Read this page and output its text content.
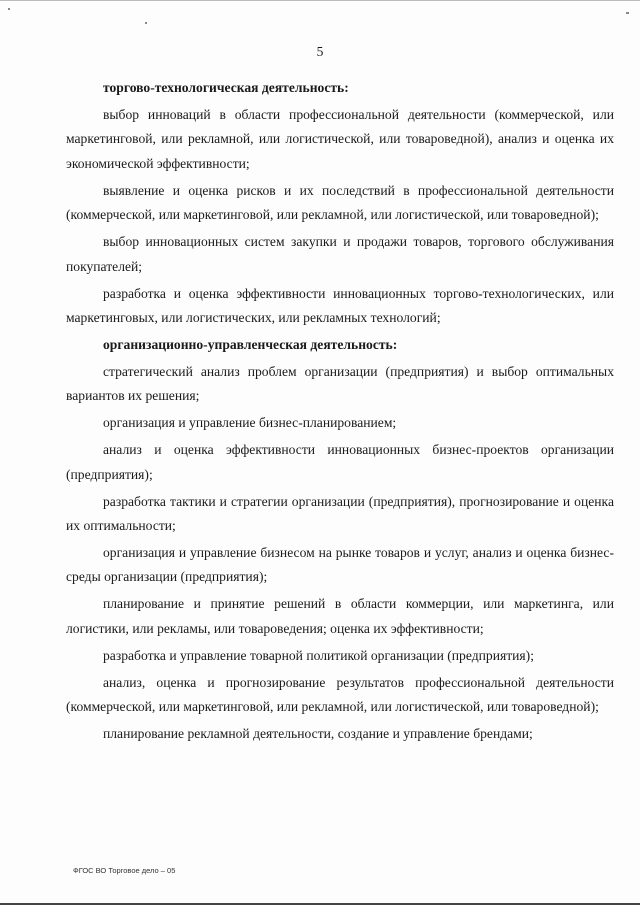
5

торгово-технологическая деятельность:

выбор инноваций в области профессиональной деятельности (коммерческой, или маркетинговой, или рекламной, или логистической, или товароведной), анализ и оценка их экономической эффективности;

выявление и оценка рисков и их последствий в профессиональной деятельности (коммерческой, или маркетинговой, или рекламной, или логистической, или товароведной);

выбор инновационных систем закупки и продажи товаров, торгового обслуживания покупателей;

разработка и оценка эффективности инновационных торгово-технологических, или маркетинговых, или логистических, или рекламных технологий;

организационно-управленческая деятельность:

стратегический анализ проблем организации (предприятия) и выбор оптимальных вариантов их решения;

организация и управление бизнес-планированием;

анализ и оценка эффективности инновационных бизнес-проектов организации (предприятия);

разработка тактики и стратегии организации (предприятия), прогнозирование и оценка их оптимальности;

организация и управление бизнесом на рынке товаров и услуг, анализ и оценка бизнес-среды организации (предприятия);

планирование и принятие решений в области коммерции, или маркетинга, или логистики, или рекламы, или товароведения; оценка их эффективности;

разработка и управление товарной политикой организации (предприятия);

анализ, оценка и прогнозирование результатов профессиональной деятельности (коммерческой, или маркетинговой, или рекламной, или логистической, или товароведной);

планирование рекламной деятельности, создание и управление брендами;

ФГОС ВО Торговое дело – 05
